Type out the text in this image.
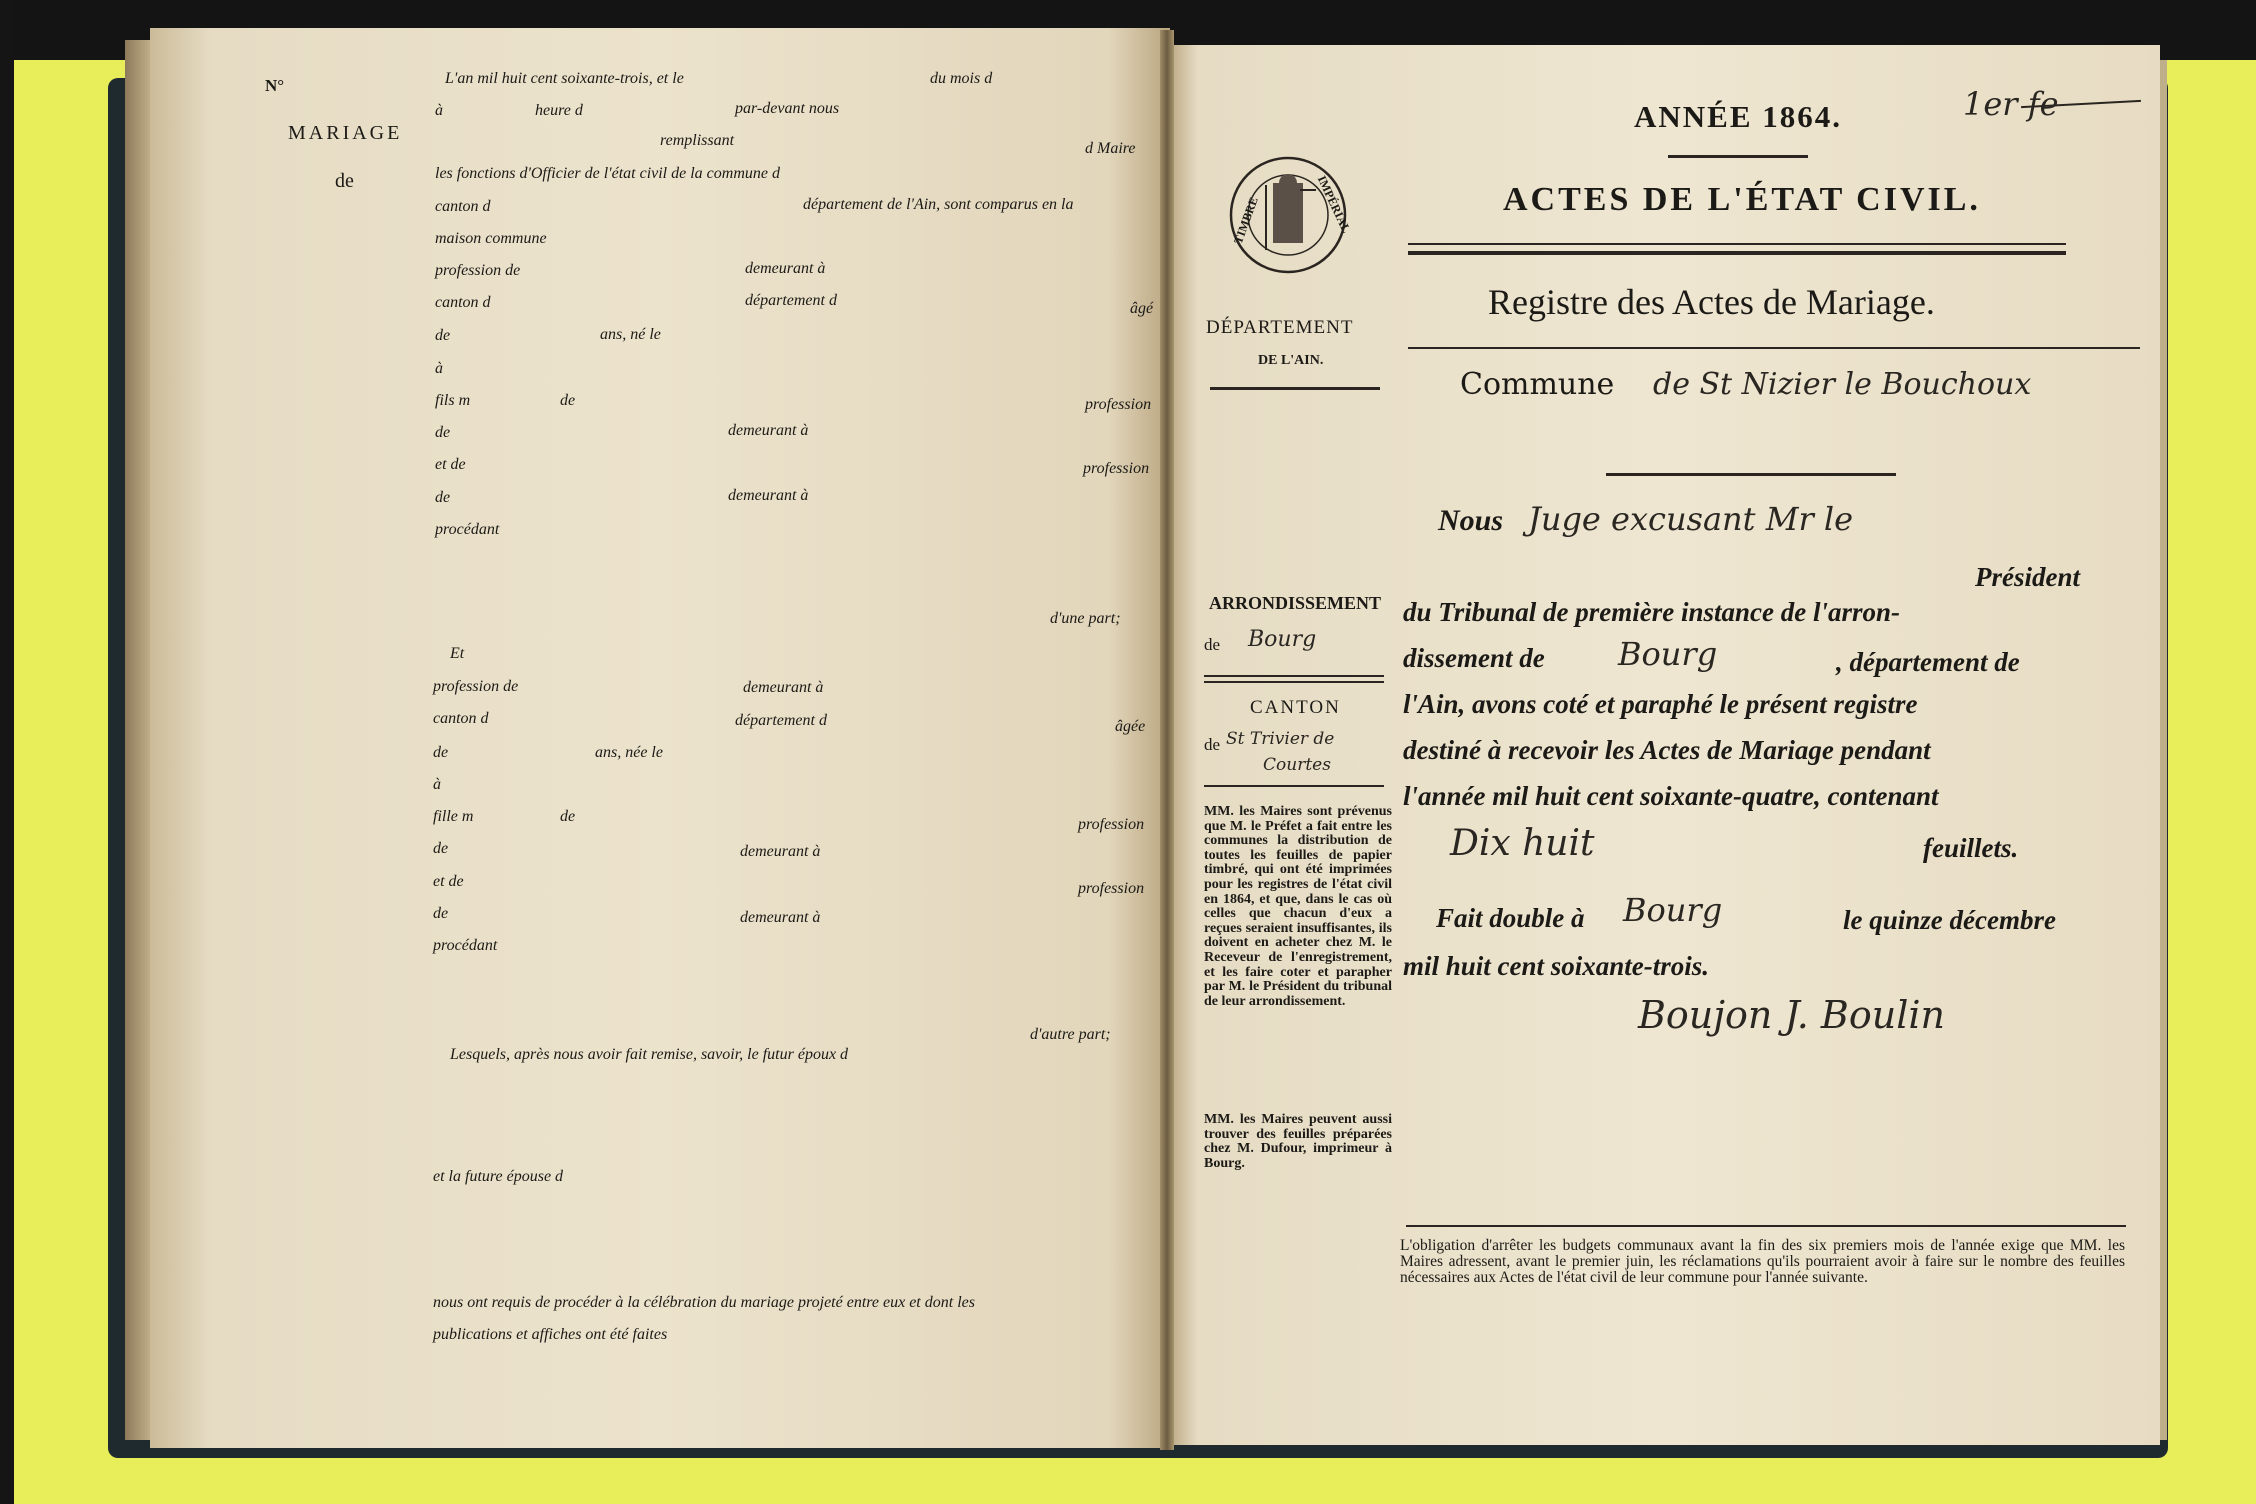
N°
MARIAGE
de
L'an mil huit cent soixante-trois, et le	du mois d
à	heure d	par-devant nous
remplissant	d Maire
les fonctions d'Officier de l'état civil de la commune d
canton d	département de l'Ain, sont comparus en la
maison commune
profession de	demeurant à
canton d	département d	âgé
de	ans, né le
à
fils m	de	profession
de	demeurant à
et de	profession
de	demeurant à
procédant
d'une part;
Et
profession de	demeurant à
canton d	département d	âgée
de	ans, née le
à
fille m	de	profession
de	demeurant à
et de	profession
de	demeurant à
procédant
d'autre part;
Lesquels, après nous avoir fait remise, savoir, le futur époux d
et la future épouse d
nous ont requis de procéder à la célébration du mariage projeté entre eux et dont les
publications et affiches ont été faites
ANNÉE 1864.	1er fe
ACTES DE L'ÉTAT CIVIL.
Registre des Actes de Mariage.
TIMBRE	IMPÉRIAL
DÉPARTEMENT
DE L'AIN.
Commune de St Nizier le Bouchoux
Nous Juge excusant Mr le
Président
du Tribunal de première instance de l'arron-
dissement de Bourg	, département de
l'Ain, avons coté et paraphé le présent registre
destiné à recevoir les Actes de Mariage pendant
l'année mil huit cent soixante-quatre, contenant
Dix huit	feuillets.
Fait double à Bourg	le quinze décembre
mil huit cent soixante-trois.
Boujon J. Boulin
ARRONDISSEMENT
de Bourg
CANTON
de St Trivier de
Courtes
MM. les Maires sont prévenus que M. le Préfet a fait entre les communes la distribution de toutes les feuilles de papier timbré, qui ont été imprimées pour les registres de l'état civil en 1864, et que, dans le cas où celles que chacun d'eux a reçues seraient insuffisantes, ils doivent en acheter chez M. le Receveur de l'enregistrement, et les faire coter et parapher par M. le Président du tribunal de leur arrondissement.
MM. les Maires peuvent aussi trouver des feuilles préparées chez M. Dufour, imprimeur à Bourg.
L'obligation d'arrêter les budgets communaux avant la fin des six premiers mois de l'année exige que MM. les Maires adressent, avant le premier juin, les réclamations qu'ils pourraient avoir à faire sur le nombre des feuilles nécessaires aux Actes de l'état civil de leur commune pour l'année suivante.
